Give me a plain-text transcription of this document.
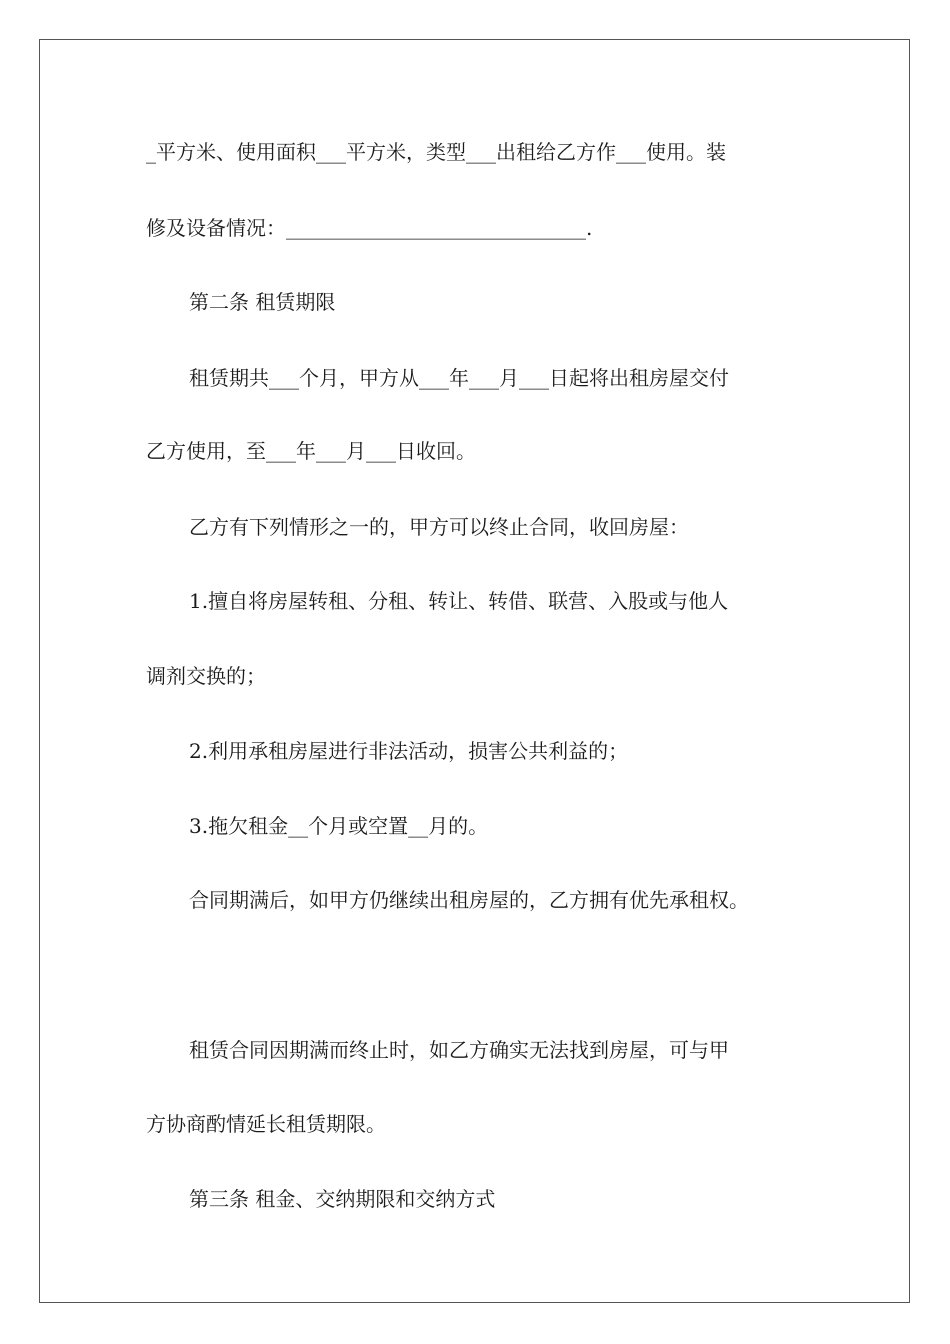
_平方米、使用面积___平方米，类型___出租给乙方作___使用。装
修及设备情况：______________________________.
第二条 租赁期限
租赁期共___个月，甲方从___年___月___日起将出租房屋交付
乙方使用，至___年___月___日收回。
乙方有下列情形之一的，甲方可以终止合同，收回房屋：
1.擅自将房屋转租、分租、转让、转借、联营、入股或与他人
调剂交换的；
2.利用承租房屋进行非法活动，损害公共利益的；
3.拖欠租金__个月或空置__月的。
合同期满后，如甲方仍继续出租房屋的，乙方拥有优先承租权。
租赁合同因期满而终止时，如乙方确实无法找到房屋，可与甲
方协商酌情延长租赁期限。
第三条 租金、交纳期限和交纳方式
